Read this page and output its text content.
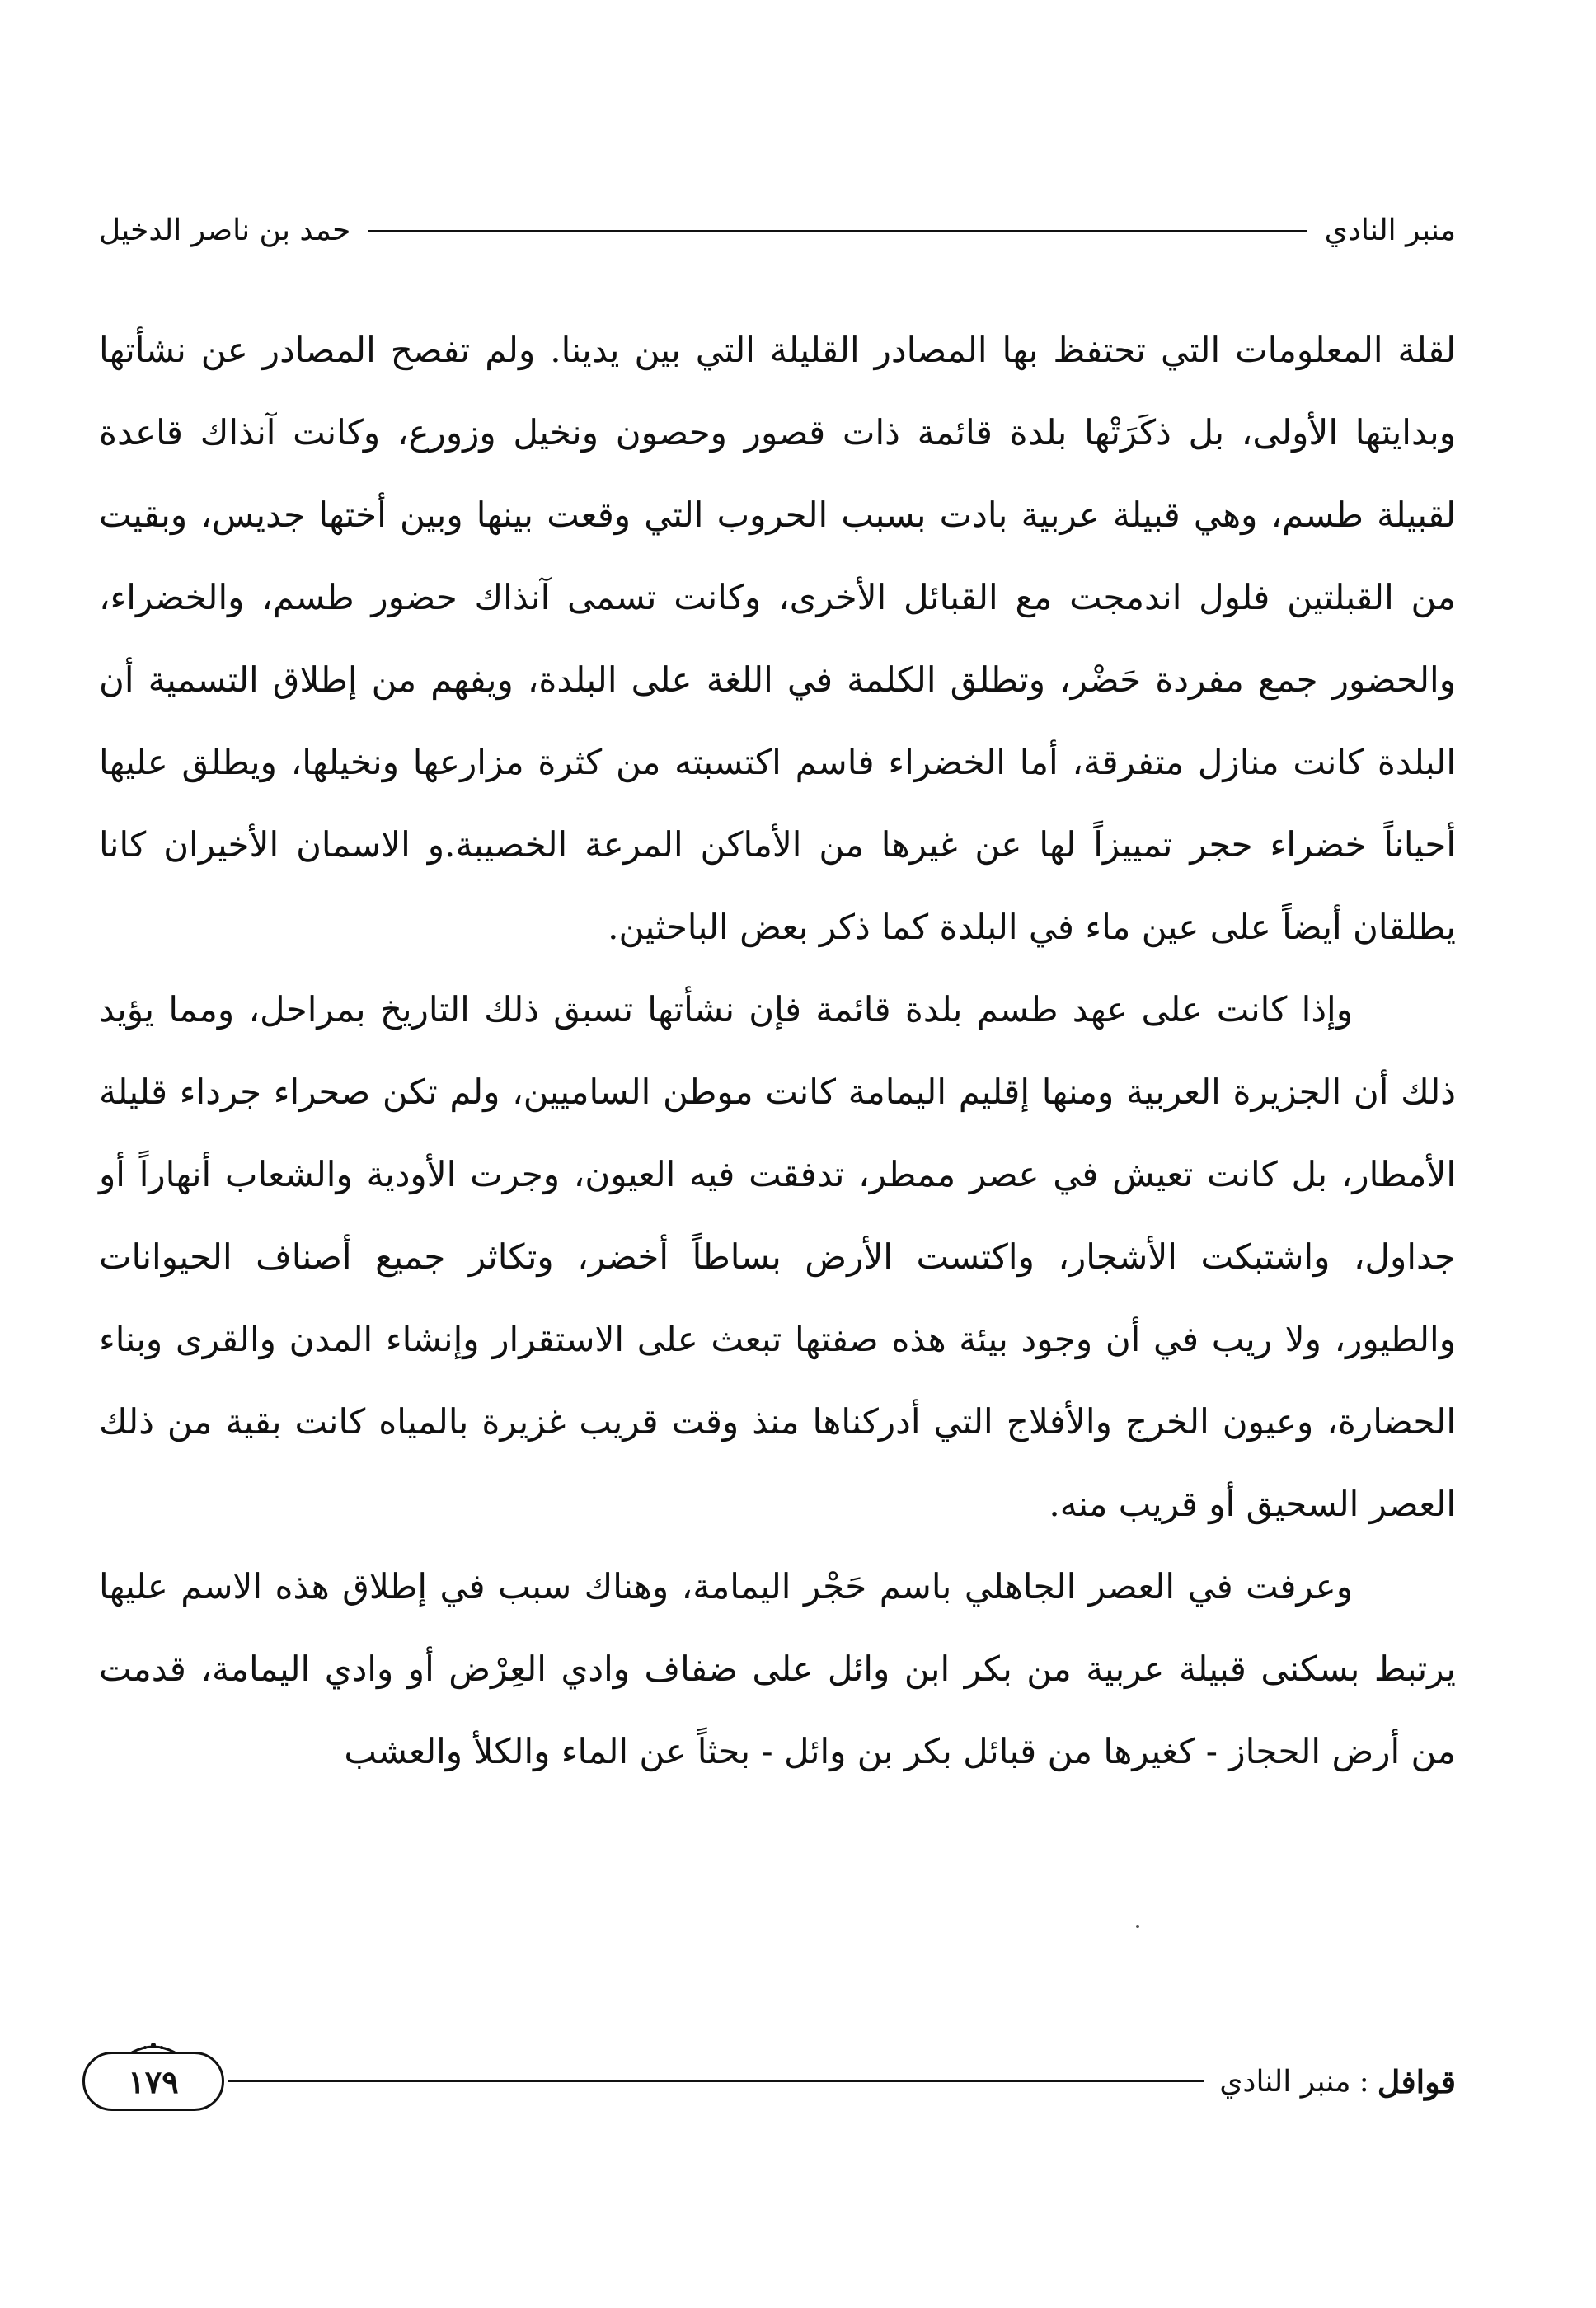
منبر النادي
حمد بن ناصر الدخيل

لقلة المعلومات التي تحتفظ بها المصادر القليلة التي بين يدينا. ولم تفصح المصادر عن نشأتها وبدايتها الأولى، بل ذكَرَتْها بلدة قائمة ذات قصور وحصون ونخيل وزورع، وكانت آنذاك قاعدة لقبيلة طسم، وهي قبيلة عربية بادت بسبب الحروب التي وقعت بينها وبين أختها جديس، وبقيت من القبلتين فلول اندمجت مع القبائل الأخرى، وكانت تسمى آنذاك حضور طسم، والخضراء، والحضور جمع مفردة حَضْر، وتطلق الكلمة في اللغة على البلدة، ويفهم من إطلاق التسمية أن البلدة كانت منازل متفرقة، أما الخضراء فاسم اكتسبته من كثرة مزارعها ونخيلها، ويطلق عليها أحياناً خضراء حجر تمييزاً لها عن غيرها من الأماكن المرعة الخصيبة.و الاسمان الأخيران كانا يطلقان أيضاً على عين ماء في البلدة كما ذكر بعض الباحثين.

وإذا كانت على عهد طسم بلدة قائمة فإن نشأتها تسبق ذلك التاريخ بمراحل، ومما يؤيد ذلك أن الجزيرة العربية ومنها إقليم اليمامة كانت موطن الساميين، ولم تكن صحراء جرداء قليلة الأمطار، بل كانت تعيش في عصر ممطر، تدفقت فيه العيون، وجرت الأودية والشعاب أنهاراً أو جداول، واشتبكت الأشجار، واكتست الأرض بساطاً أخضر، وتكاثر جميع أصناف الحيوانات والطيور، ولا ريب في أن وجود بيئة هذه صفتها تبعث على الاستقرار وإنشاء المدن والقرى وبناء الحضارة، وعيون الخرج والأفلاج التي أدركناها منذ وقت قريب غزيرة بالمياه كانت بقية من ذلك العصر السحيق أو قريب منه.

وعرفت في العصر الجاهلي باسم حَجْر اليمامة، وهناك سبب في إطلاق هذه الاسم عليها يرتبط بسكنى قبيلة عربية من بكر ابن وائل على ضفاف وادي العِرْض أو وادي اليمامة، قدمت من أرض الحجاز - كغيرها من قبائل بكر بن وائل - بحثاً عن الماء والكلأ والعشب

قوافل
:
منبر النادي
١٧٩
